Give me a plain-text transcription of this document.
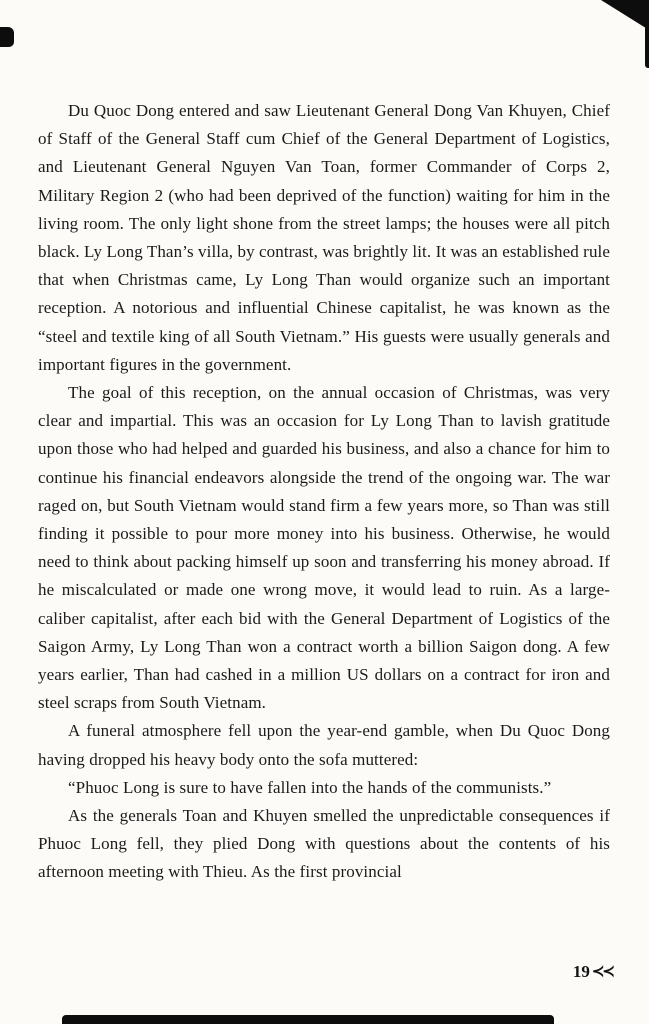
Du Quoc Dong entered and saw Lieutenant General Dong Van Khuyen, Chief of Staff of the General Staff cum Chief of the General Department of Logistics, and Lieutenant General Nguyen Van Toan, former Commander of Corps 2, Military Region 2 (who had been deprived of the function) waiting for him in the living room. The only light shone from the street lamps; the houses were all pitch black. Ly Long Than’s villa, by contrast, was brightly lit. It was an established rule that when Christmas came, Ly Long Than would organize such an important reception. A notorious and influential Chinese capitalist, he was known as the “steel and textile king of all South Vietnam.” His guests were usually generals and important figures in the government.

The goal of this reception, on the annual occasion of Christmas, was very clear and impartial. This was an occasion for Ly Long Than to lavish gratitude upon those who had helped and guarded his business, and also a chance for him to continue his financial endeavors alongside the trend of the ongoing war. The war raged on, but South Vietnam would stand firm a few years more, so Than was still finding it possible to pour more money into his business. Otherwise, he would need to think about packing himself up soon and transferring his money abroad. If he miscalculated or made one wrong move, it would lead to ruin. As a large-caliber capitalist, after each bid with the General Department of Logistics of the Saigon Army, Ly Long Than won a contract worth a billion Saigon dong. A few years earlier, Than had cashed in a million US dollars on a contract for iron and steel scraps from South Vietnam.

A funeral atmosphere fell upon the year-end gamble, when Du Quoc Dong having dropped his heavy body onto the sofa muttered:

“Phuoc Long is sure to have fallen into the hands of the communists.”

As the generals Toan and Khuyen smelled the unpredictable consequences if Phuoc Long fell, they plied Dong with questions about the contents of his afternoon meeting with Thieu. As the first provincial

19 ≺≺
